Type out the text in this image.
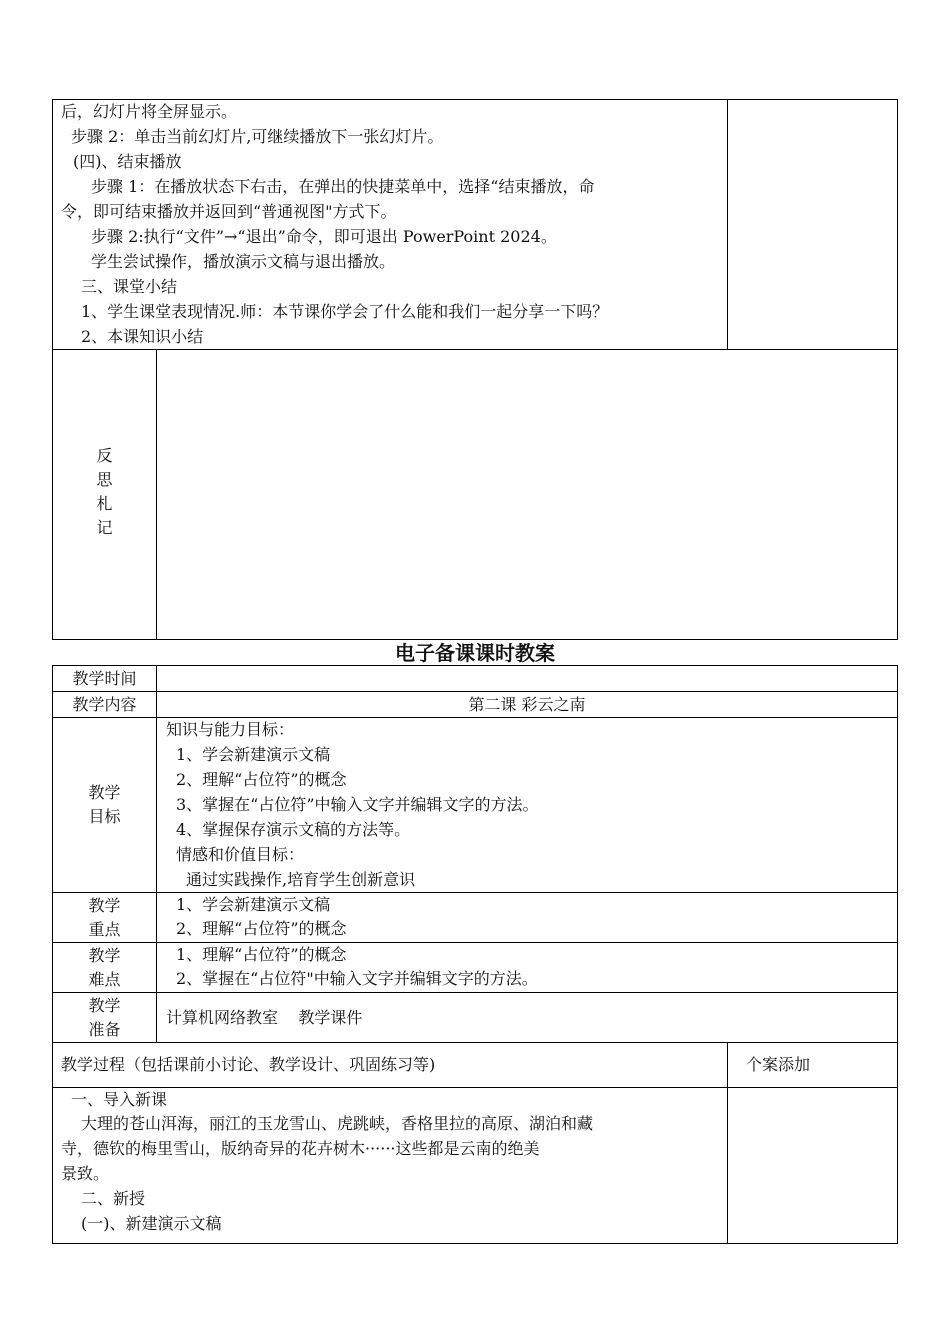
后，幻灯片将全屏显示。
步骤 2：单击当前幻灯片,可继续播放下一张幻灯片。
(四)、结束播放
步骤 1：在播放状态下右击，在弹出的快捷菜单中，选择“结束播放，命
令，即可结束播放并返回到“普通视图"方式下。
步骤 2:执行“文件”→“退出”命令，即可退出 PowerPoint 2024。
学生尝试操作，播放演示文稿与退出播放。
三、课堂小结
1、学生课堂表现情况.师：本节课你学会了什么能和我们一起分享一下吗？
2、本课知识小结
反
思
札
记
电子备课课时教案
教学时间
教学内容	第二课 彩云之南
教学
目标
知识与能力目标：
1、学会新建演示文稿
2、理解“占位符”的概念
3、掌握在“占位符”中输入文字并编辑文字的方法。
4、掌握保存演示文稿的方法等。
情感和价值目标：
通过实践操作,培育学生创新意识
教学
重点
1、学会新建演示文稿
2、理解“占位符”的概念
教学
难点
1、理解“占位符”的概念
2、掌握在“占位符"中输入文字并编辑文字的方法。
教学
准备
计算机网络教室    教学课件
教学过程（包括课前小讨论、教学设计、巩固练习等)	个案添加
一、导入新课
大理的苍山洱海，丽江的玉龙雪山、虎跳峡，香格里拉的高原、湖泊和藏
寺，德钦的梅里雪山，版纳奇异的花卉树木······这些都是云南的绝美
景致。
二、新授
(一)、新建演示文稿
